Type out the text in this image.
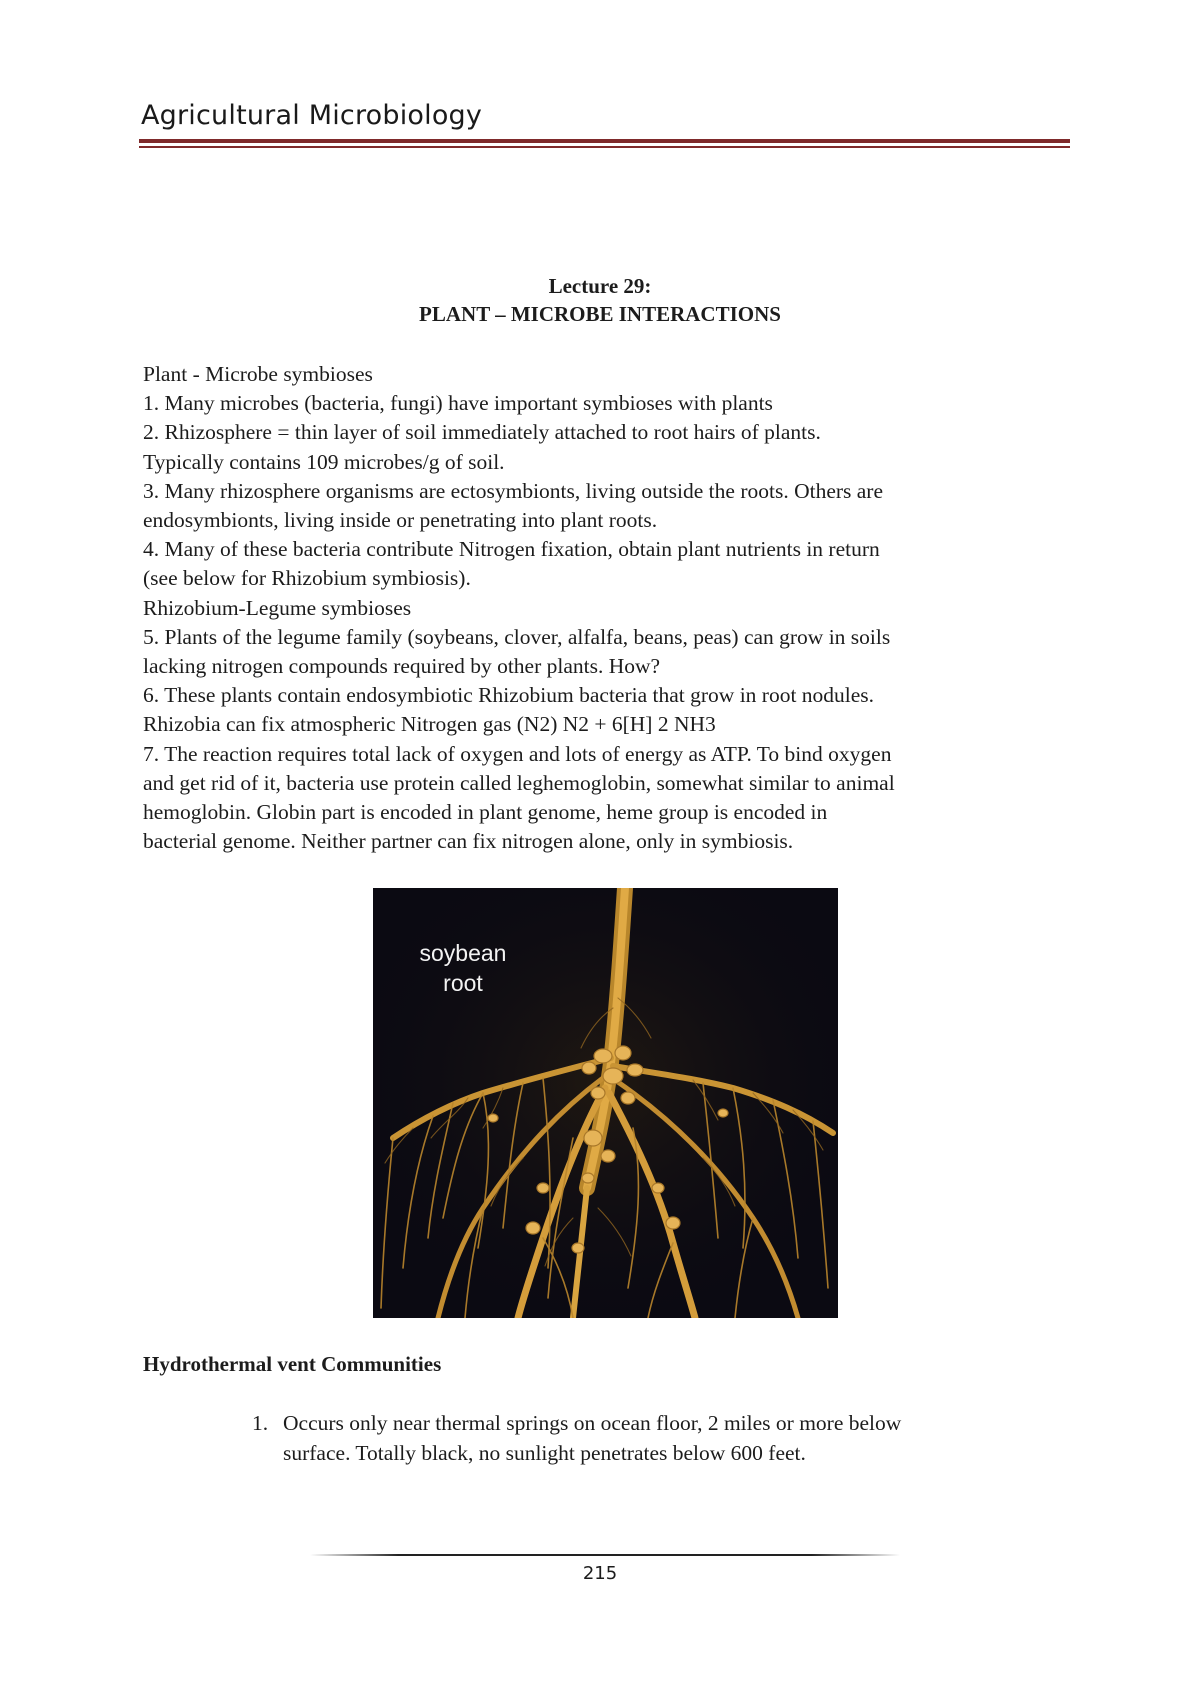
Agricultural Microbiology
Lecture 29:
PLANT – MICROBE INTERACTIONS
Plant - Microbe symbioses
1. Many microbes (bacteria, fungi) have important symbioses with plants
2. Rhizosphere = thin layer of soil immediately attached to root hairs of plants.
Typically contains 109 microbes/g of soil.
3. Many rhizosphere organisms are ectosymbionts, living outside the roots. Others are
endosymbionts, living inside or penetrating into plant roots.
4. Many of these bacteria contribute Nitrogen fixation, obtain plant nutrients in return
(see below for Rhizobium symbiosis).
Rhizobium-Legume symbioses
5. Plants of the legume family (soybeans, clover, alfalfa, beans, peas) can grow in soils
lacking nitrogen compounds required by other plants. How?
6. These plants contain endosymbiotic Rhizobium bacteria that grow in root nodules.
Rhizobia can fix atmospheric Nitrogen gas (N2) N2 + 6[H] 2 NH3
7. The reaction requires total lack of oxygen and lots of energy as ATP. To bind oxygen
and get rid of it, bacteria use protein called leghemoglobin, somewhat similar to animal
hemoglobin. Globin part is encoded in plant genome, heme group is encoded in
bacterial genome. Neither partner can fix nitrogen alone, only in symbiosis.
soybean
root
Hydrothermal vent Communities
1. Occurs only near thermal springs on ocean floor, 2 miles or more below
surface. Totally black, no sunlight penetrates below 600 feet.
215
